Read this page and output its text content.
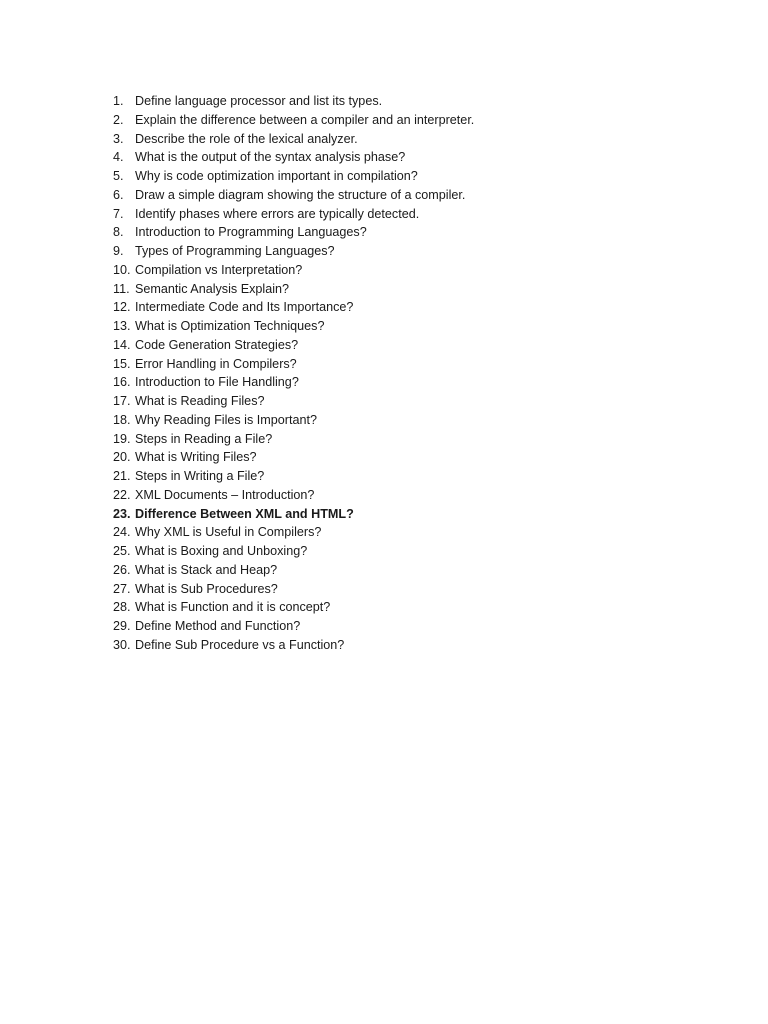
1. Define language processor and list its types.
2. Explain the difference between a compiler and an interpreter.
3. Describe the role of the lexical analyzer.
4. What is the output of the syntax analysis phase?
5. Why is code optimization important in compilation?
6. Draw a simple diagram showing the structure of a compiler.
7. Identify phases where errors are typically detected.
8. Introduction to Programming Languages?
9. Types of Programming Languages?
10. Compilation vs Interpretation?
11. Semantic Analysis Explain?
12. Intermediate Code and Its Importance?
13. What is Optimization Techniques?
14. Code Generation Strategies?
15. Error Handling in Compilers?
16. Introduction to File Handling?
17. What is Reading Files?
18. Why Reading Files is Important?
19. Steps in Reading a File?
20. What is Writing Files?
21. Steps in Writing a File?
22. XML Documents – Introduction?
23. Difference Between XML and HTML?
24. Why XML is Useful in Compilers?
25. What is Boxing and Unboxing?
26. What is Stack and Heap?
27. What is Sub Procedures?
28. What is Function and it is concept?
29. Define Method and Function?
30. Define Sub Procedure vs a Function?
